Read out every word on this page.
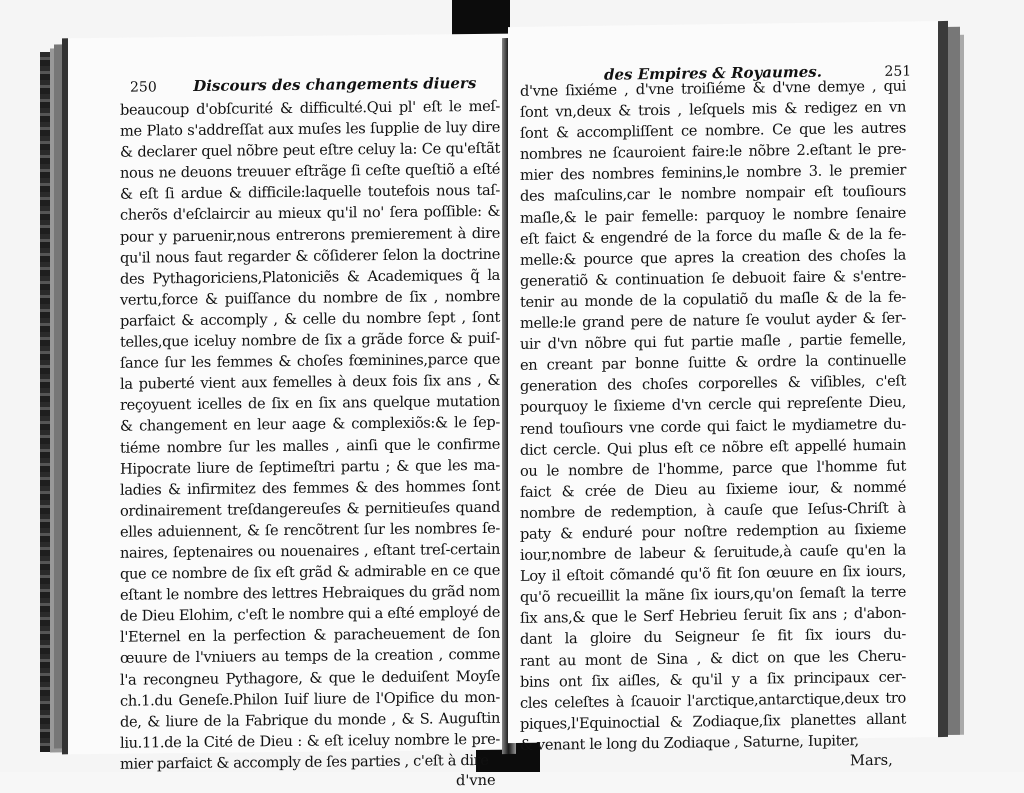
250 Discours des changements diuers
beaucoup d'obſcurité & difficulté.Qui pl' eſt le meſ-
me Plato s'addreſſat aux muſes les ſupplie de luy dire
& declarer quel nõbre peut eſtre celuy la: Ce qu'eſtãt
nous ne deuons treuuer eſtrãge ſi ceſte queſtiõ a eſté
& eſt ſi ardue & difficile:laquelle toutefois nous taſ-
cherõs d'eſclaircir au mieux qu'il no' ſera poſſible: &
pour y paruenir,nous entrerons premierement à dire
qu'il nous faut regarder & cõſiderer ſelon la doctrine
des Pythagoriciens,Platoniciẽs & Academiques q̃ la
vertu,force & puiſſance du nombre de ſix , nombre
parfaict & accomply , & celle du nombre ſept , ſont
telles,que iceluy nombre de ſix a grãde force & puiſ-
ſance ſur les femmes & choſes fœminines,parce que
la puberté vient aux femelles à deux fois ſix ans , &
reçoyuent icelles de ſix en ſix ans quelque mutation
& changement en leur aage & complexiõs:& le ſep-
tiéme nombre ſur les malles , ainſi que le confirme
Hipocrate liure de ſeptimeſtri partu ; & que les ma-
ladies & infirmitez des femmes & des hommes ſont
ordinairement treſdangereuſes & pernitieuſes quand
elles aduiennent, & ſe rencõtrent ſur les nombres ſe-
naires, ſeptenaires ou nouenaires , eſtant treſ-certain
que ce nombre de ſix eſt grãd & admirable en ce que
eſtant le nombre des lettres Hebraiques du grãd nom
de Dieu Elohim, c'eſt le nombre qui a eſté employé de
l'Eternel en la perfection & paracheuement de ſon
œuure de l'vniuers au temps de la creation , comme
l'a recongneu Pythagore, & que le deduiſent Moyſe
ch.1.du Geneſe.Philon Iuif liure de l'Opifice du mon-
de, & liure de la Fabrique du monde , & S. Auguſtin
liu.11.de la Cité de Dieu : & eſt iceluy nombre le pre-
mier parfaict & accomply de ſes parties , c'eſt à dire
d'vne
des Empires & Royaumes.	251
d'vne ſixiéme , d'vne troiſiéme & d'vne demye , qui
ſont vn,deux & trois , leſquels mis & redigez en vn
ſont & accompliſſent ce nombre. Ce que les autres
nombres ne ſcauroient faire:le nõbre 2.eſtant le pre-
mier des nombres feminins,le nombre 3. le premier
des maſculins,car le nombre nompair eſt touſiours
maſle,& le pair femelle: parquoy le nombre ſenaire
eſt faict & engendré de la force du maſle & de la fe-
melle:& pource que apres la creation des choſes la
generatiõ & continuation ſe debuoit faire & s'entre-
tenir au monde de la copulatiõ du maſle & de la fe-
melle:le grand pere de nature ſe voulut ayder & ſer-
uir d'vn nõbre qui fut partie maſle , partie femelle,
en creant par bonne ſuitte & ordre la continuelle
generation des choſes corporelles & viſibles, c'eſt
pourquoy le ſixieme d'vn cercle qui repreſente Dieu,
rend touſiours vne corde qui faict le mydiametre du-
dict cercle. Qui plus eſt ce nõbre eſt appellé humain
ou le nombre de l'homme, parce que l'homme fut
faict & crée de Dieu au ſixieme iour, & nommé
nombre de redemption, à cauſe que Ieſus-Chriſt à
paty & enduré pour noſtre redemption au ſixieme
iour,nombre de labeur & ſeruitude,à cauſe qu'en la
Loy il eſtoit cõmandé qu'õ fit ſon œuure en ſix iours,
qu'õ recueillit la mãne ſix iours,qu'on ſemaſt la terre
ſix ans,& que le Serf Hebrieu ſeruit ſix ans ; d'abon-
dant la gloire du Seigneur ſe fit ſix iours du-
rant au mont de Sina , & dict on que les Cheru-
bins ont ſix aiſles, & qu'il y a ſix principaux cer-
cles celeſtes à ſcauoir l'arctique,antarctique,deux tro
piques,l'Equinoctial & Zodiaque,ſix planettes allant
& venant le long du Zodiaque , Saturne, Iupiter,
Mars,
